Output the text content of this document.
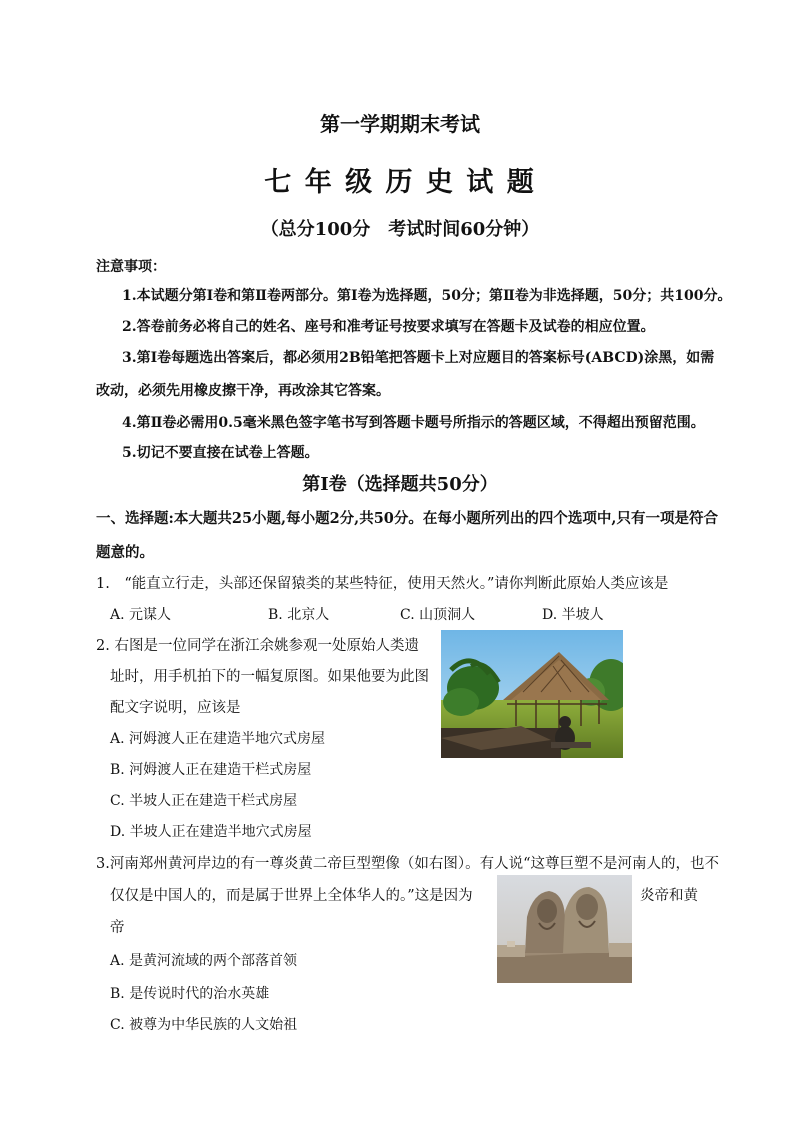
第一学期期末考试
七 年 级 历 史 试 题
（总分100分　考试时间60分钟）
注意事项：
1.本试题分第Ⅰ卷和第Ⅱ卷两部分。第Ⅰ卷为选择题，50分；第Ⅱ卷为非选择题，50分；共100分。
2.答卷前务必将自己的姓名、座号和准考证号按要求填写在答题卡及试卷的相应位置。
3.第Ⅰ卷每题选出答案后，都必须用2B铅笔把答题卡上对应题目的答案标号(ABCD)涂黑，如需
改动，必须先用橡皮擦干净，再改涂其它答案。
4.第Ⅱ卷必需用0.5毫米黑色签字笔书写到答题卡题号所指示的答题区域，不得超出预留范围。
5.切记不要直接在试卷上答题。
第Ⅰ卷（选择题共50分）
一、选择题:本大题共25小题,每小题2分,共50分。在每小题所列出的四个选项中,只有一项是符合
题意的。
1.　“能直立行走，头部还保留猿类的某些特征，使用天然火。”请你判断此原始人类应该是
A. 元谋人	B. 北京人	C. 山顶洞人	D. 半坡人
2. 右图是一位同学在浙江余姚参观一处原始人类遗
址时，用手机拍下的一幅复原图。如果他要为此图
配文字说明，应该是
A. 河姆渡人正在建造半地穴式房屋
B. 河姆渡人正在建造干栏式房屋
C. 半坡人正在建造干栏式房屋
D. 半坡人正在建造半地穴式房屋
3.河南郑州黄河岸边的有一尊炎黄二帝巨型塑像（如右图）。有人说“这尊巨塑不是河南人的，也不
仅仅是中国人的，而是属于世界上全体华人的。”这是因为	炎帝和黄
帝
A. 是黄河流域的两个部落首领
B. 是传说时代的治水英雄
C. 被尊为中华民族的人文始祖
